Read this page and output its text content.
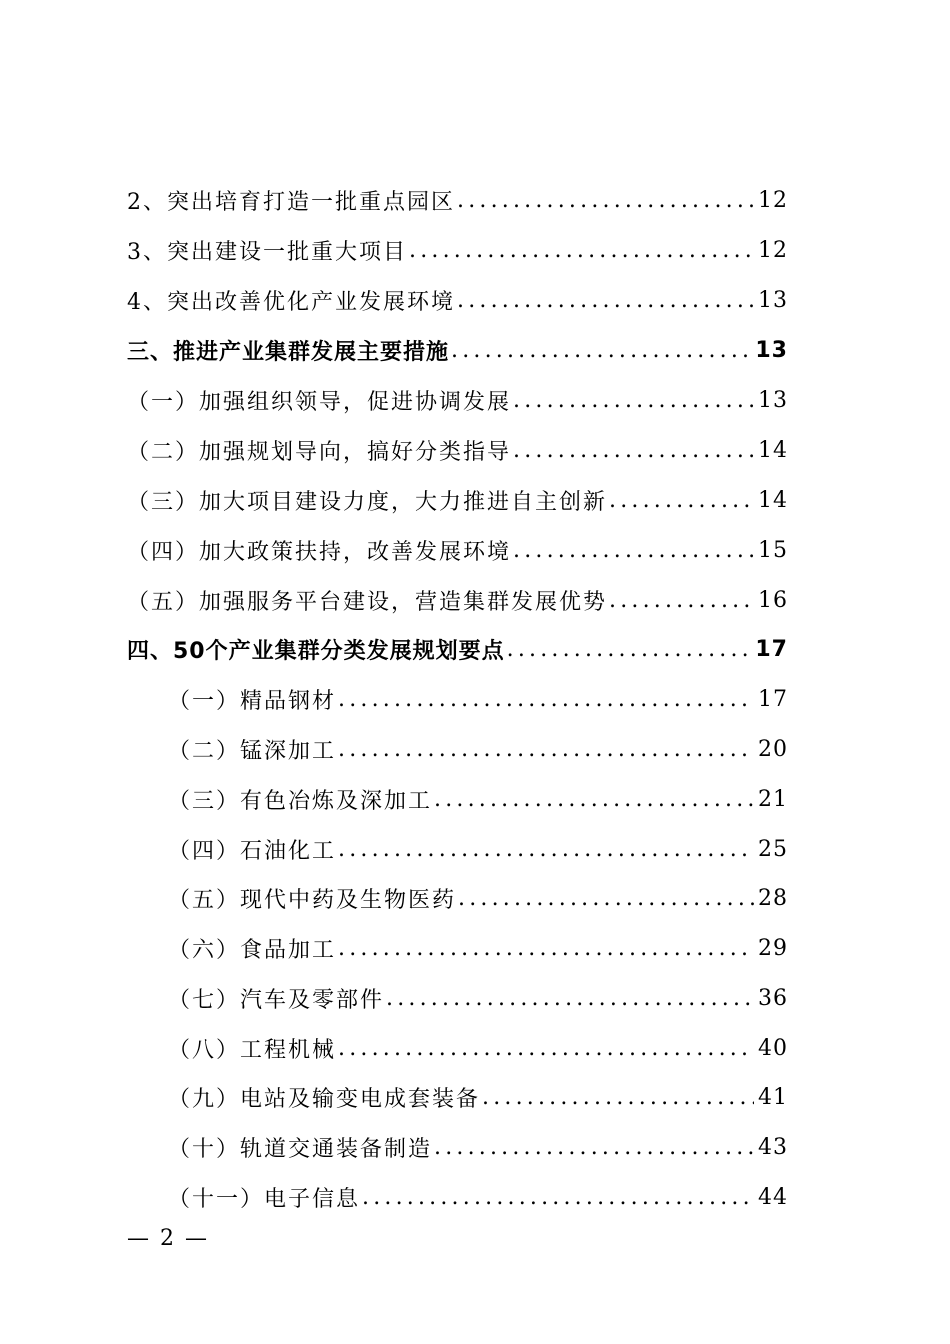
2、突出培育打造一批重点园区 .....	12
3、突出建设一批重大项目 .....	12
4、突出改善优化产业发展环境 .....	13
三、推进产业集群发展主要措施 .....	13
（一）加强组织领导，促进协调发展 .....	13
（二）加强规划导向，搞好分类指导 .....	14
（三）加大项目建设力度，大力推进自主创新 .....	14
（四）加大政策扶持，改善发展环境 .....	15
（五）加强服务平台建设，营造集群发展优势 .....	16
四、50个产业集群分类发展规划要点 .....	17
（一）精品钢材 .....	17
（二）锰深加工 .....	20
（三）有色冶炼及深加工 .....	21
（四）石油化工 .....	25
（五）现代中药及生物医药 .....	28
（六）食品加工 .....	29
（七）汽车及零部件 .....	36
（八）工程机械 .....	40
（九）电站及输变电成套装备 .....	41
（十）轨道交通装备制造 .....	43
（十一）电子信息 .....	44
— 2 —
